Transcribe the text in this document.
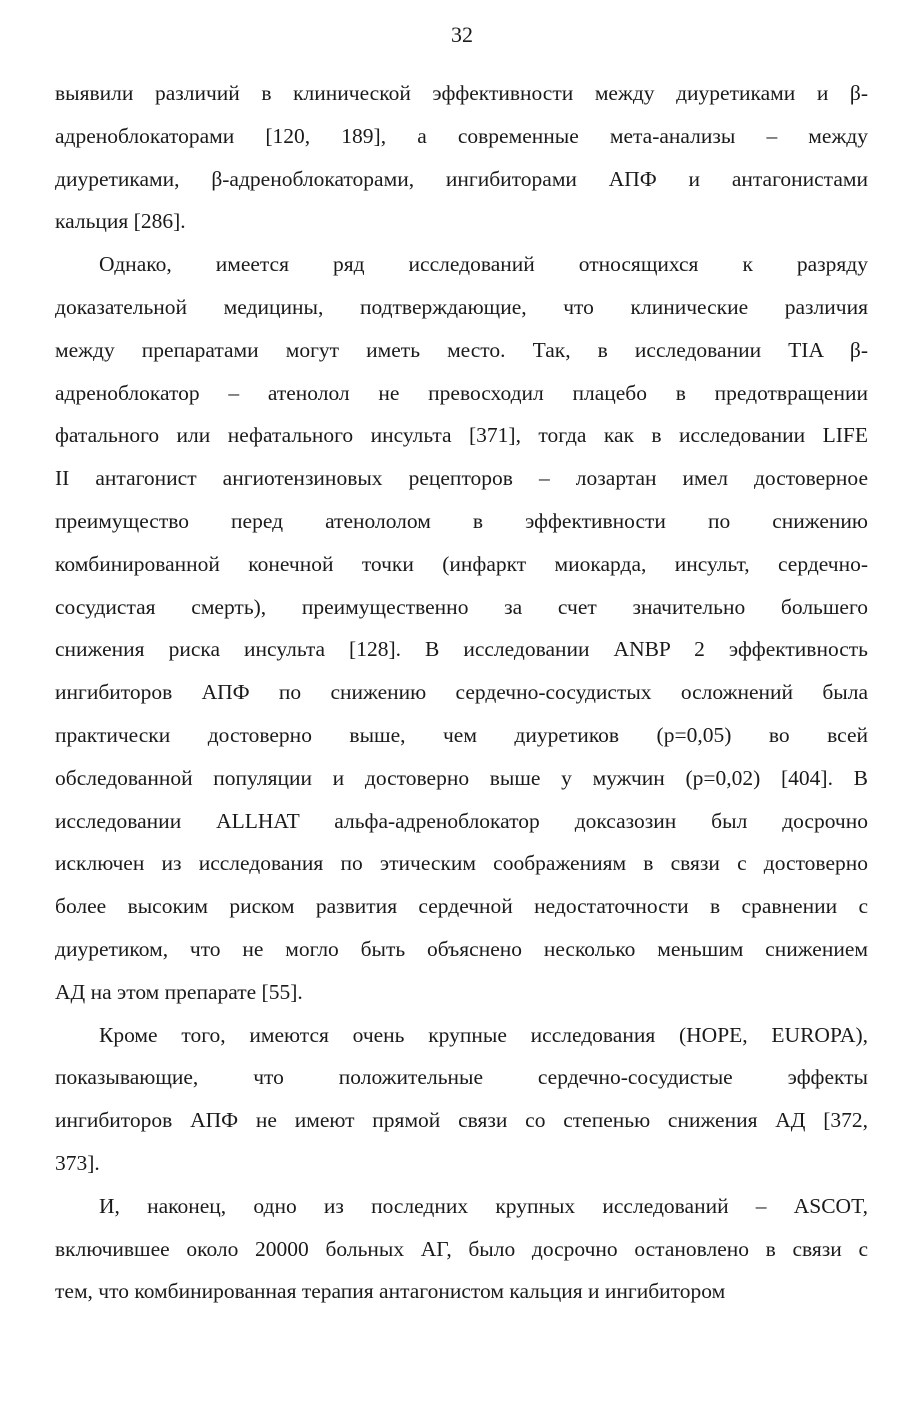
32

выявили различий в клинической эффективности между диуретиками и β-
адреноблокаторами [120, 189], а современные мета-анализы – между
диуретиками, β-адреноблокаторами, ингибиторами АПФ и антагонистами
кальция [286].

Однако, имеется ряд исследований относящихся к разряду
доказательной медицины, подтверждающие, что клинические различия
между препаратами могут иметь место. Так, в исследовании TIA β-
адреноблокатор – атенолол не превосходил плацебо в предотвращении
фатального или нефатального инсульта [371], тогда как в исследовании LIFE
II антагонист ангиотензиновых рецепторов – лозартан имел достоверное
преимущество перед атенололом в эффективности по снижению
комбинированной конечной точки (инфаркт миокарда, инсульт, сердечно-
сосудистая смерть), преимущественно за счет значительно большего
снижения риска инсульта [128]. В исследовании ANBP 2 эффективность
ингибиторов АПФ по снижению сердечно-сосудистых осложнений была
практически достоверно выше, чем диуретиков (p=0,05) во всей
обследованной популяции и достоверно выше у мужчин (p=0,02) [404]. В
исследовании ALLHAT альфа-адреноблокатор доксазозин был досрочно
исключен из исследования по этическим соображениям в связи с достоверно
более высоким риском развития сердечной недостаточности в сравнении с
диуретиком, что не могло быть объяснено несколько меньшим снижением
АД на этом препарате [55].

Кроме того, имеются очень крупные исследования (HOPE, EUROPA),
показывающие, что положительные сердечно-сосудистые эффекты
ингибиторов АПФ не имеют прямой связи со степенью снижения АД [372,
373].

И, наконец, одно из последних крупных исследований – ASCOT,
включившее около 20000 больных АГ, было досрочно остановлено в связи с
тем, что комбинированная терапия антагонистом кальция и ингибитором
